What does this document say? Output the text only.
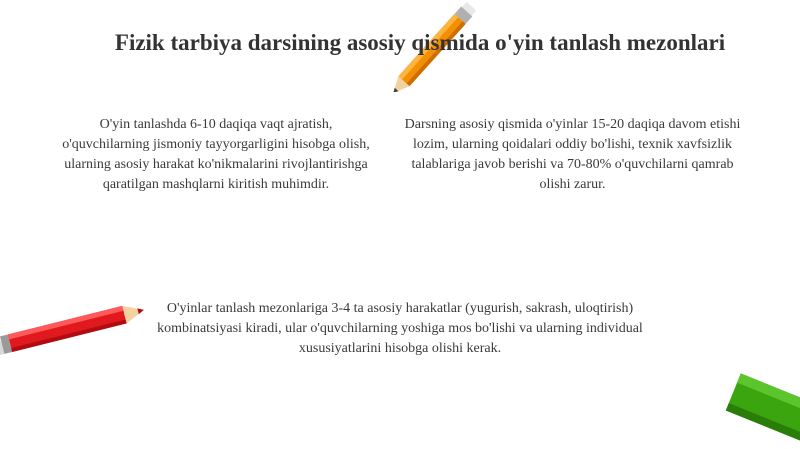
Fizik tarbiya darsining asosiy qismida o'yin tanlash mezonlari

O'yin tanlashda 6-10 daqiqa vaqt ajratish, o'quvchilarning jismoniy tayyorgarligini hisobga olish, ularning asosiy harakat ko'nikmalarini rivojlantirishga qaratilgan mashqlarni kiritish muhimdir.

Darsning asosiy qismida o'yinlar 15-20 daqiqa davom etishi lozim, ularning qoidalari oddiy bo'lishi, texnik xavfsizlik talablariga javob berishi va 70-80% o'quvchilarni qamrab olishi zarur.

O'yinlar tanlash mezonlariga 3-4 ta asosiy harakatlar (yugurish, sakrash, uloqtirish) kombinatsiyasi kiradi, ular o'quvchilarning yoshiga mos bo'lishi va ularning individual xususiyatlarini hisobga olishi kerak.
